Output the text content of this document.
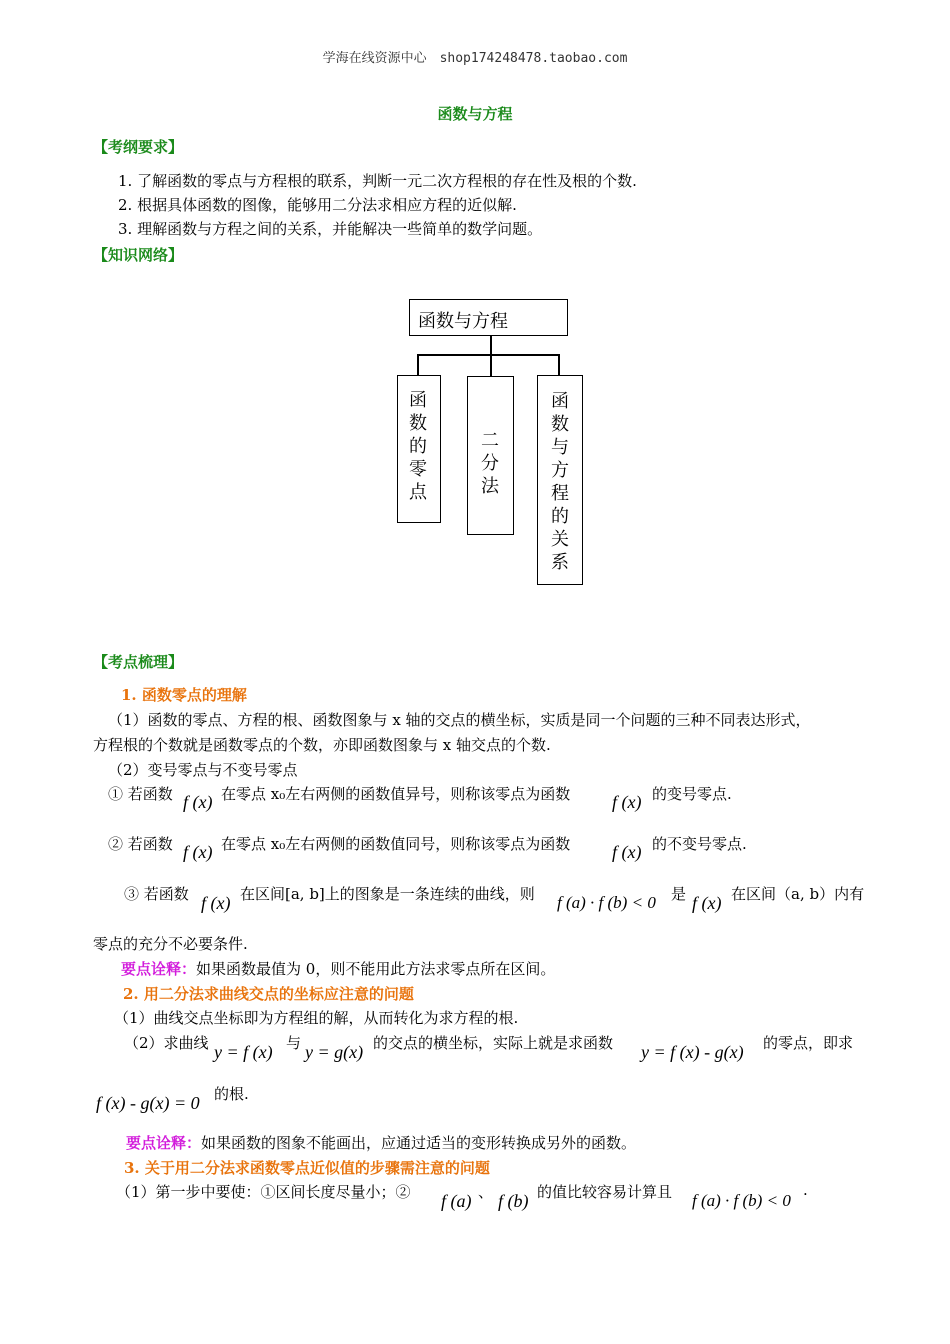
学海在线资源中心　shop174248478.taobao.com
函数与方程
【考纲要求】
1. 了解函数的零点与方程根的联系，判断一元二次方程根的存在性及根的个数.
2. 根据具体函数的图像，能够用二分法求相应方程的近似解.
3. 理解函数与方程之间的关系，并能解决一些简单的数学问题。
【知识网络】
函数与方程
函数的零点
二分法
函数与方程的关系
【考点梳理】
1. 函数零点的理解
（1）函数的零点、方程的根、函数图象与 x 轴的交点的横坐标，实质是同一个问题的三种不同表达形式，
方程根的个数就是函数零点的个数，亦即函数图象与 x 轴交点的个数.
（2）变号零点与不变号零点
① 若函数 f (x) 在零点 x₀左右两侧的函数值异号，则称该零点为函数 f (x) 的变号零点.
② 若函数 f (x) 在零点 x₀左右两侧的函数值同号，则称该零点为函数 f (x) 的不变号零点.
③ 若函数 f (x) 在区间[a, b]上的图象是一条连续的曲线，则 f (a) · f (b) < 0 是 f (x) 在区间（a, b）内有
零点的充分不必要条件.
要点诠释：如果函数最值为 0，则不能用此方法求零点所在区间。
2. 用二分法求曲线交点的坐标应注意的问题
（1）曲线交点坐标即为方程组的解，从而转化为求方程的根.
（2）求曲线 y = f (x) 与 y = g(x) 的交点的横坐标，实际上就是求函数 y = f (x) - g(x) 的零点，即求
f (x) - g(x) = 0 的根.
要点诠释：如果函数的图象不能画出，应通过适当的变形转换成另外的函数。
3. 关于用二分法求函数零点近似值的步骤需注意的问题
（1）第一步中要使：①区间长度尽量小；② f (a) 、 f (b) 的值比较容易计算且 f (a) · f (b) < 0
.
